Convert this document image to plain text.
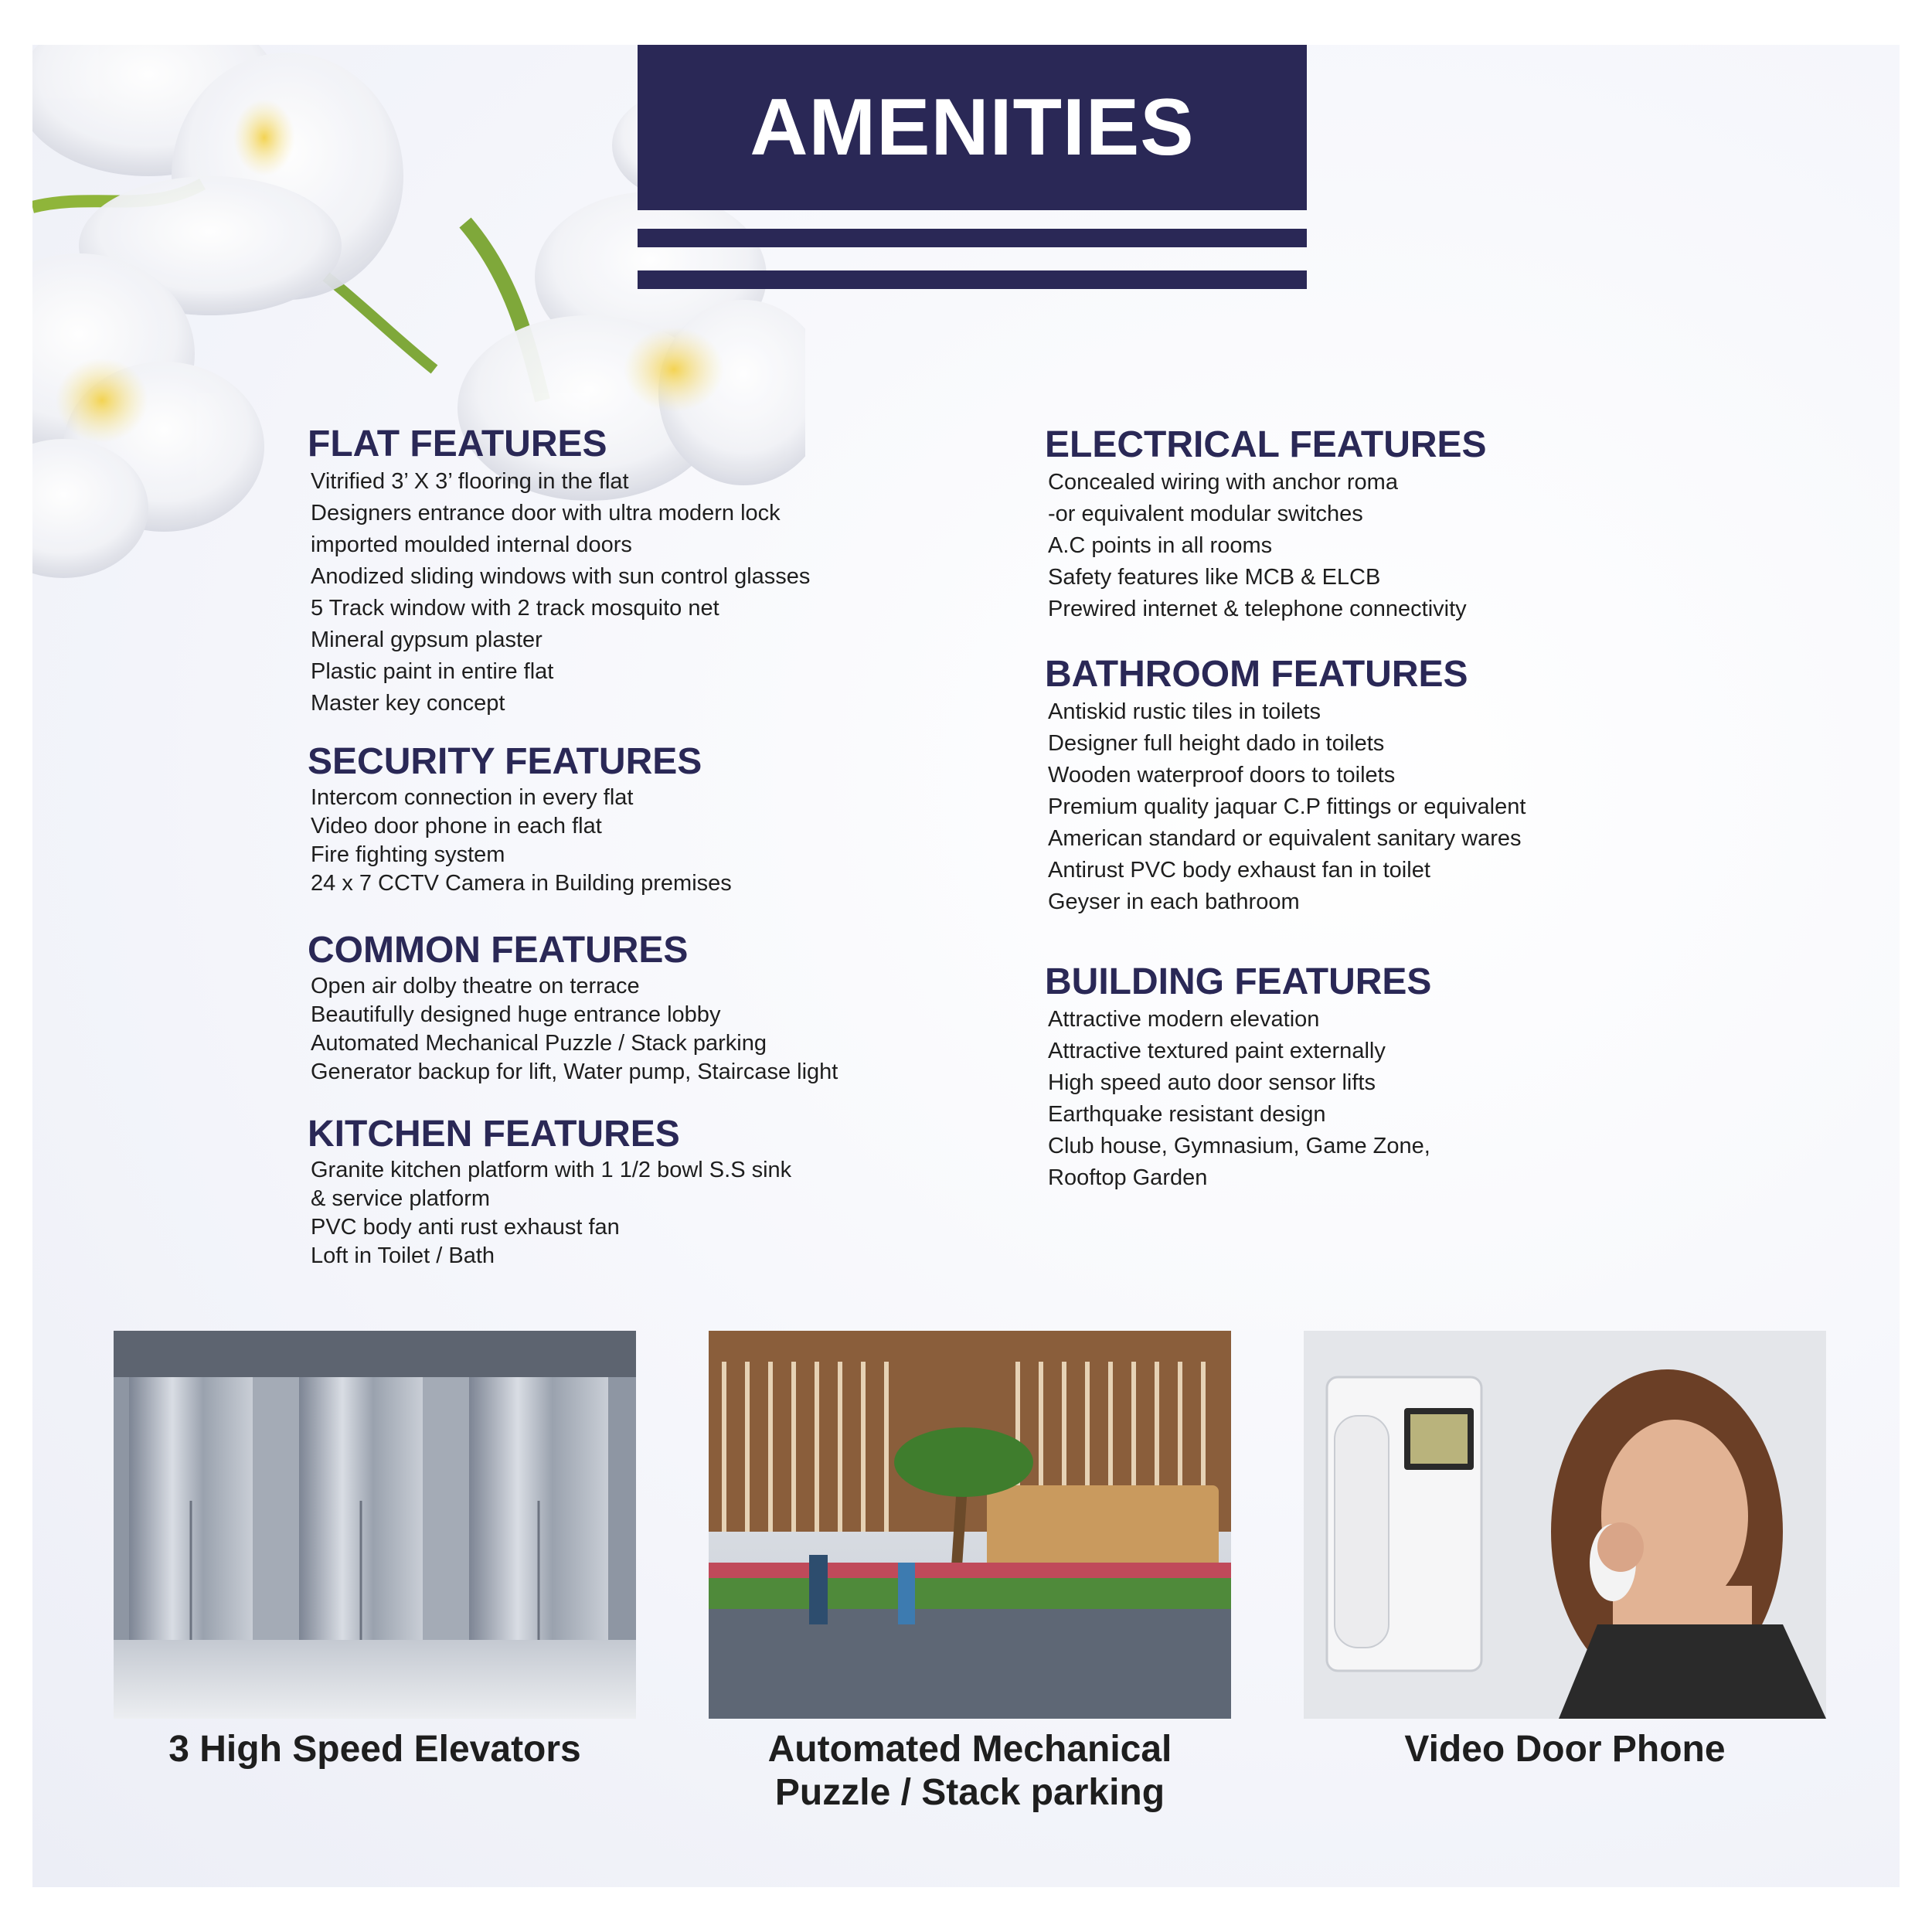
AMENITIES
FLAT FEATURES
Vitrified 3’ X 3’ flooring in the flat
Designers entrance door with ultra modern lock
imported moulded internal doors
Anodized sliding windows with sun control glasses
5 Track window with 2 track mosquito net
Mineral gypsum plaster
Plastic paint in entire flat
Master key concept
SECURITY FEATURES
Intercom connection in every flat
Video door phone in each flat
Fire fighting system
24 x 7 CCTV Camera in Building premises
COMMON FEATURES
Open air dolby theatre on terrace
Beautifully designed huge entrance lobby
Automated Mechanical Puzzle / Stack parking
Generator backup for lift, Water pump, Staircase light
KITCHEN FEATURES
Granite kitchen platform with 1 1/2 bowl S.S sink
& service platform
PVC body anti rust exhaust fan
Loft in Toilet / Bath
ELECTRICAL FEATURES
Concealed wiring with anchor roma
-or equivalent modular switches
A.C points in all rooms
Safety features like MCB & ELCB
Prewired internet & telephone connectivity
BATHROOM FEATURES
Antiskid rustic tiles in toilets
Designer full height dado in toilets
Wooden waterproof doors to toilets
Premium quality jaquar C.P fittings or equivalent
American standard or equivalent sanitary wares
Antirust PVC body exhaust fan in toilet
Geyser in each bathroom
BUILDING FEATURES
Attractive modern elevation
Attractive textured paint externally
High speed auto door sensor lifts
Earthquake resistant design
Club house, Gymnasium, Game Zone,
Rooftop Garden
3 High Speed Elevators	Automated Mechanical
Puzzle / Stack parking
Video Door Phone
